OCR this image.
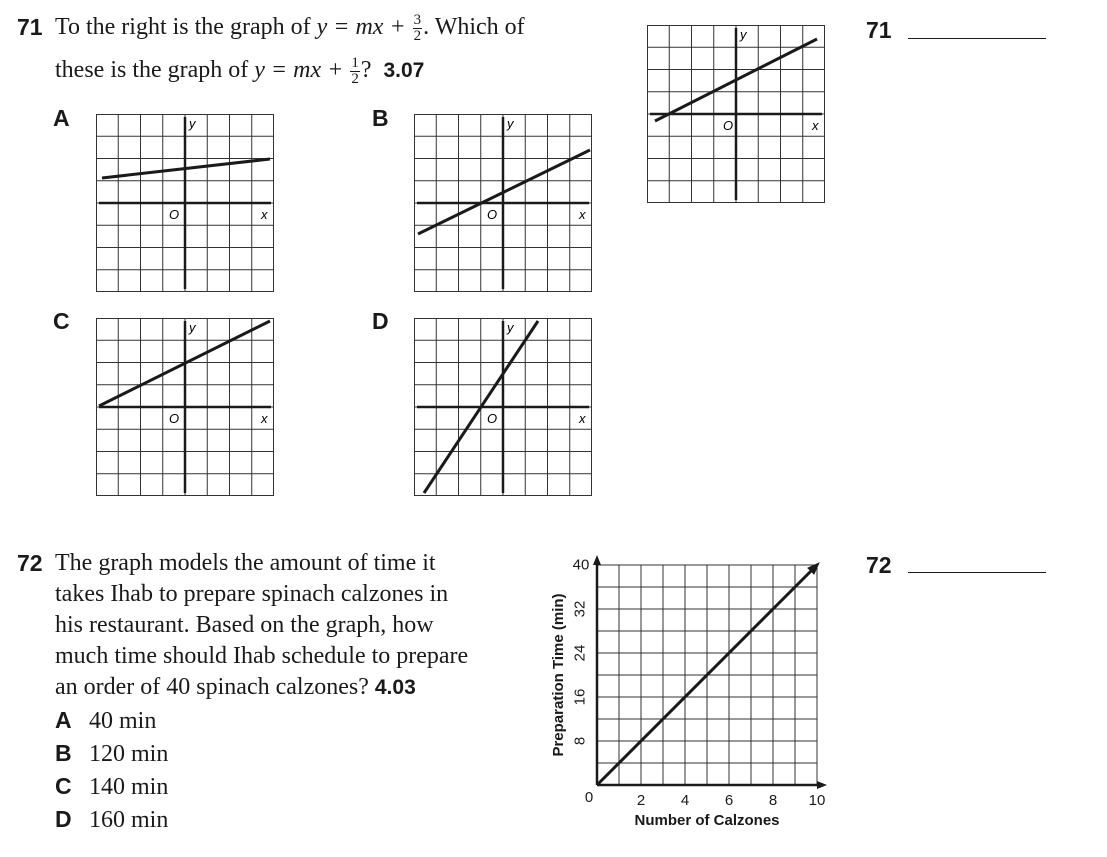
71 To the right is the graph of y = mx + $\frac{3}{2}$ . Which of
these is the graph of y = mx + $\frac{1}{2}$ ? 3.07
71
A	B
C	D
y
x
O
y
x
O
y
x
O
y
x
O
y
x
O
72 The graph models the amount of time it
takes Ihab to prepare spinach calzones in
his restaurant. Based on the graph, how
much time should Ihab schedule to prepare
an order of 40 spinach calzones? 4.03
A 40 min
B 120 min
C 140 min
D 160 min
72
0	2 4 6 8 10
8
16
24
32
40
Number of Calzones
Preparation Time (min)
